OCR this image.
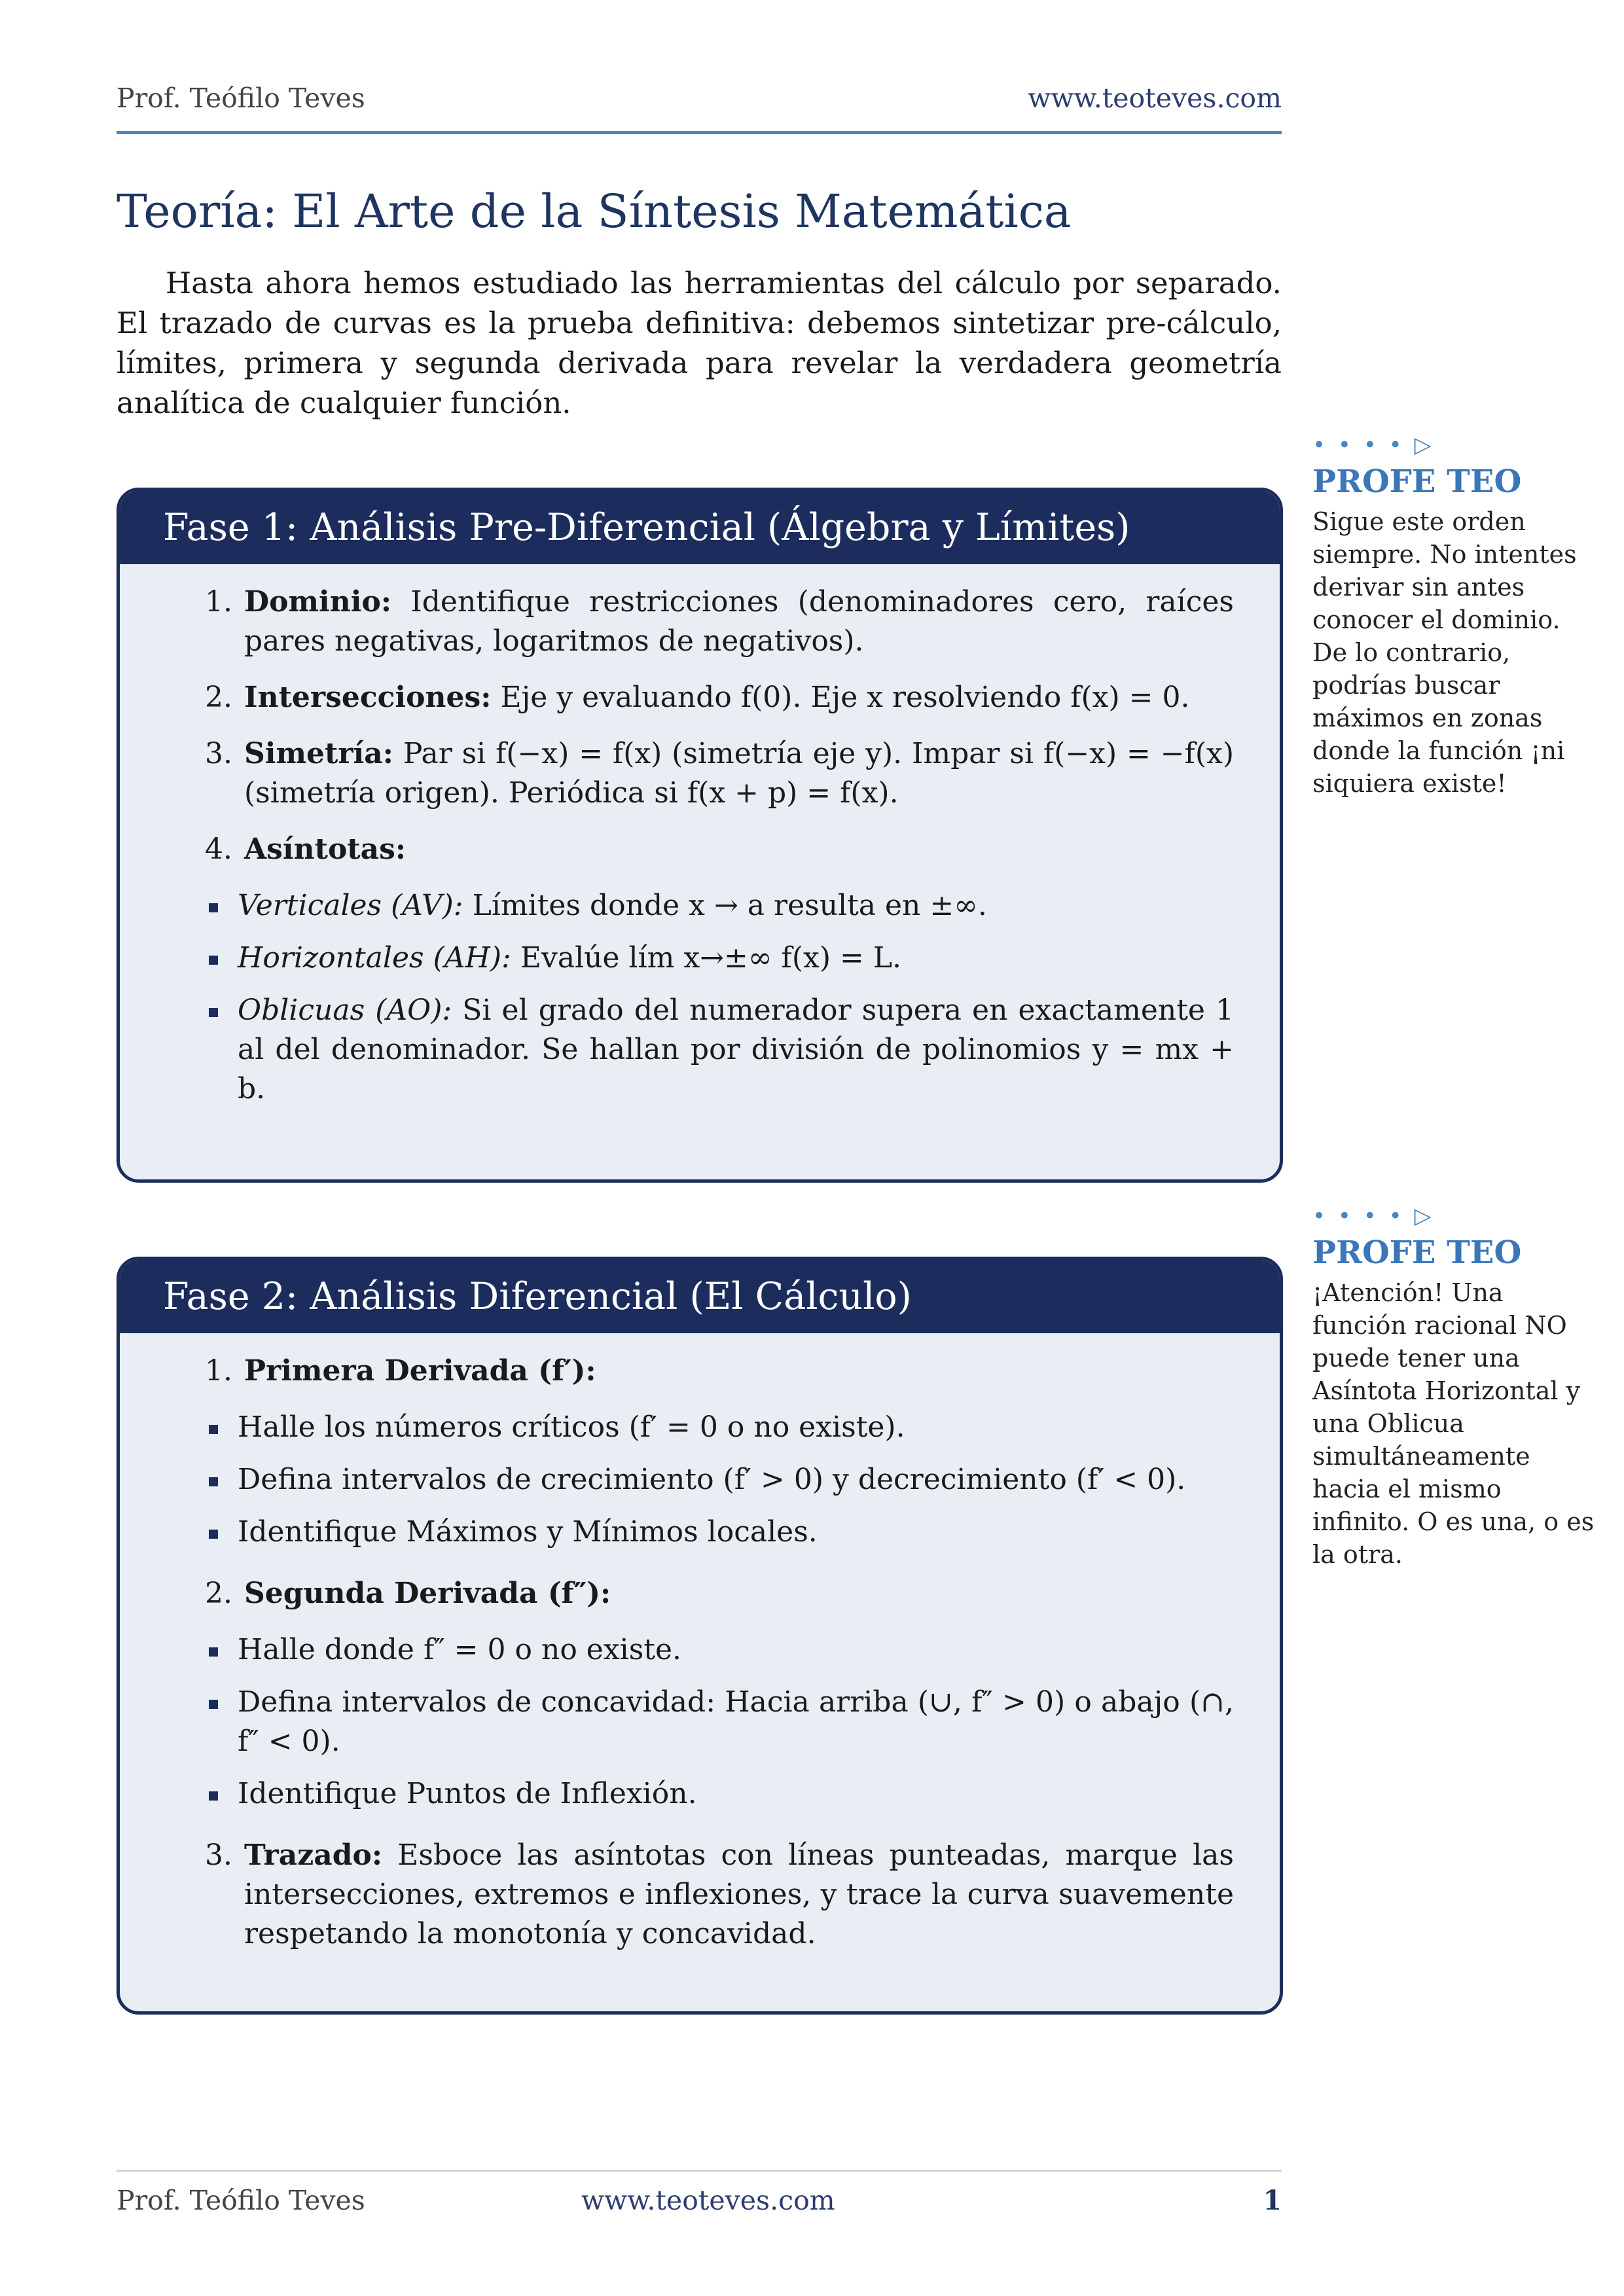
Prof. Teófilo Teves	www.teoteves.com
Teoría: El Arte de la Síntesis Matemática

Hasta ahora hemos estudiado las herramientas del cálculo por separado. El trazado de curvas es la prueba definitiva: debemos sintetizar pre-cálculo, límites, primera y segunda derivada para revelar la verdadera geometría analítica de cualquier función.

Fase 1: Análisis Pre-Diferencial (Álgebra y Límites)
1. Dominio: Identifique restricciones (denominadores cero, raíces pares negativas, logaritmos de negativos).
2. Intersecciones: Eje y evaluando f(0). Eje x resolviendo f(x) = 0.
3. Simetría: Par si f(−x) = f(x) (simetría eje y). Impar si f(−x) = −f(x) (simetría origen). Periódica si f(x + p) = f(x).
4. Asíntotas:
Verticales (AV): Límites donde x → a resulta en ±∞.
Horizontales (AH): Evalúe lím x→±∞ f(x) = L.
Oblicuas (AO): Si el grado del numerador supera en exactamente 1 al del denominador. Se hallan por división de polinomios y = mx + b.
Fase 2: Análisis Diferencial (El Cálculo)
1. Primera Derivada (f′):
Halle los números críticos (f′ = 0 o no existe).
Defina intervalos de crecimiento (f′ > 0) y decrecimiento (f′ < 0).
Identifique Máximos y Mínimos locales.
2. Segunda Derivada (f″):
Halle donde f″ = 0 o no existe.
Defina intervalos de concavidad: Hacia arriba (∪, f″ > 0) o abajo (∩, f″ < 0).
Identifique Puntos de Inflexión.
3. Trazado: Esboce las asíntotas con líneas punteadas, marque las intersecciones, extremos e inflexiones, y trace la curva suavemente respetando la monotonía y concavidad.
• • • • ▷
PROFE TEO
Sigue este orden siempre. No intentes derivar sin antes conocer el dominio. De lo contrario, podrías buscar máximos en zonas donde la función ¡ni siquiera existe!
• • • • ▷
PROFE TEO
¡Atención! Una función racional NO puede tener una Asíntota Horizontal y una Oblicua simultáneamente hacia el mismo infinito. O es una, o es la otra.
Prof. Teófilo Teves	www.teoteves.com	1
